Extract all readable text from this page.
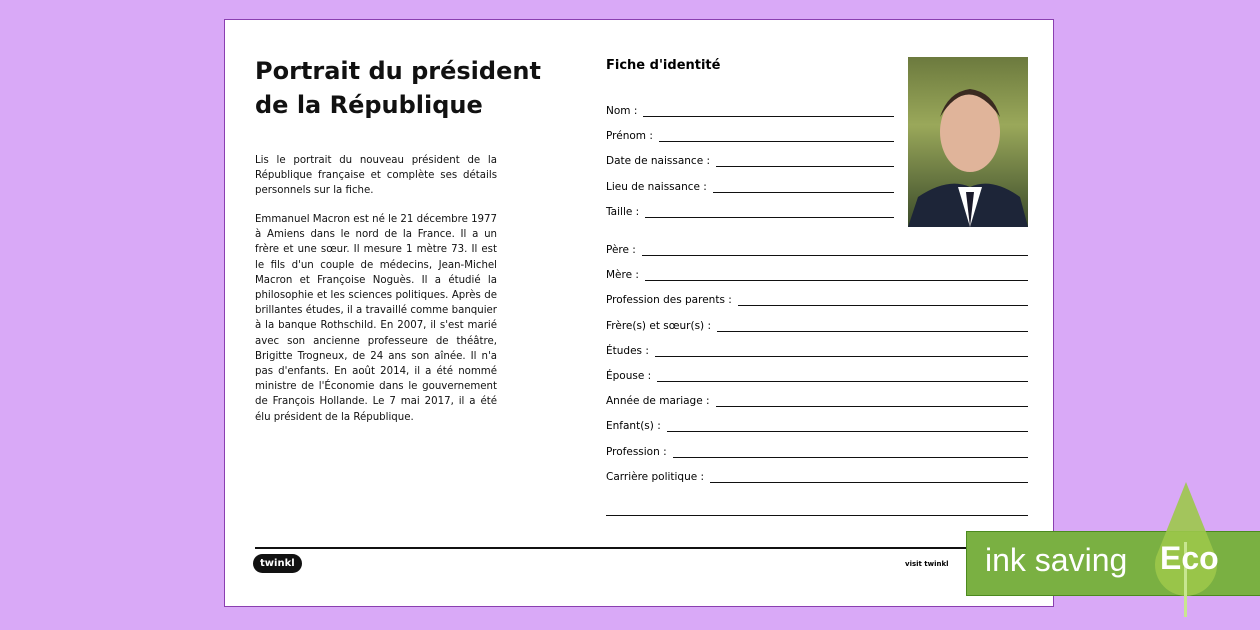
Portrait du président de la République
Lis le portrait du nouveau président de la République française et complète ses détails personnels sur la fiche.
Emmanuel Macron est né le 21 décembre 1977 à Amiens dans le nord de la France. Il a un frère et une sœur. Il mesure 1 mètre 73. Il est le fils d'un couple de médecins, Jean-Michel Macron et Françoise Noguès. Il a étudié la philosophie et les sciences politiques. Après de brillantes études, il a travaillé comme banquier à la banque Rothschild. En 2007, il s'est marié avec son ancienne professeure de théâtre, Brigitte Trogneux, de 24 ans son aînée. Il n'a pas d'enfants. En août 2014, il a été nommé ministre de l'Économie dans le gouvernement de François Hollande. Le 7 mai 2017, il a été élu président de la République.
Fiche d'identité
Nom :
Prénom :
Date de naissance :
Lieu de naissance :
Taille :
Père :
Mère :
Profession des parents :
Frère(s) et sœur(s) :
Études :
Épouse :
Année de mariage :
Enfant(s) :
Profession :
Carrière politique :
twinkl	visit twinkl ink saving Eco
